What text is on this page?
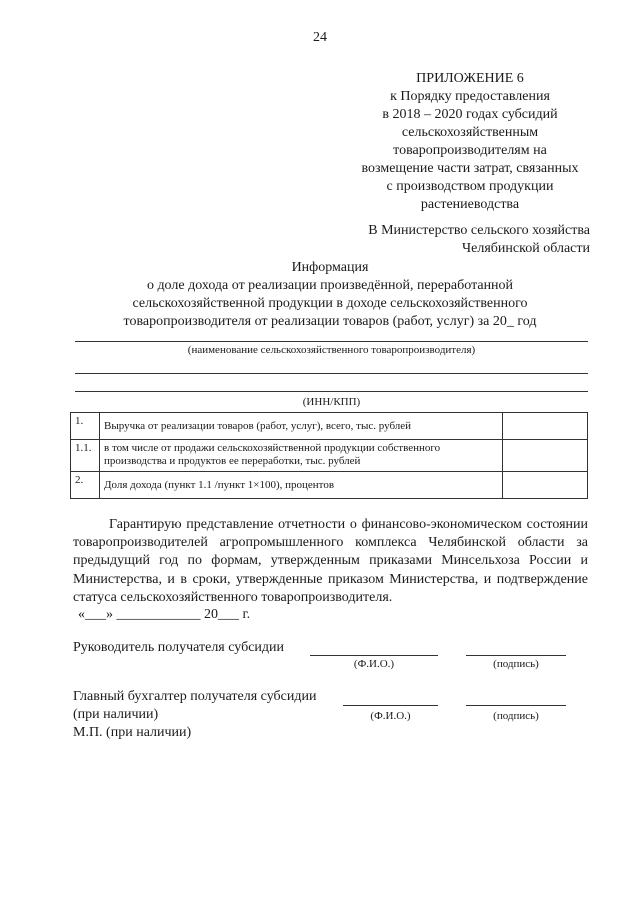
24
ПРИЛОЖЕНИЕ 6
к Порядку предоставления
в 2018 – 2020 годах субсидий
сельскохозяйственным
товаропроизводителям на
возмещение части затрат, связанных
с производством продукции
растениеводства
В Министерство сельского хозяйства
Челябинской области
Информация
о доле дохода от реализации произведённой, переработанной
сельскохозяйственной продукции в доходе сельскохозяйственного
товаропроизводителя от реализации товаров (работ, услуг) за 20_ год
(наименование сельскохозяйственного товаропроизводителя)
(ИНН/КПП)
1.	Выручка от реализации товаров (работ, услуг), всего, тыс. рублей	
1.1.	в том числе от продажи сельскохозяйственной продукции собственного производства и продуктов ее переработки, тыс. рублей	
2.	Доля дохода (пункт 1.1 /пункт 1×100), процентов	
Гарантирую представление отчетности о финансово-экономическом состоянии товаропроизводителей агропромышленного комплекса Челябинской области за предыдущий год по формам, утвержденным приказами Минсельхоза России и Министерства, и в сроки, утвержденные приказом Министерства, и подтверждение статуса сельскохозяйственного товаропроизводителя.
«___» ____________ 20___ г.
Руководитель получателя субсидии
(Ф.И.О.)	(подпись)
Главный бухгалтер получателя субсидии
(при наличии)	(Ф.И.О.)	(подпись)
М.П. (при наличии)
